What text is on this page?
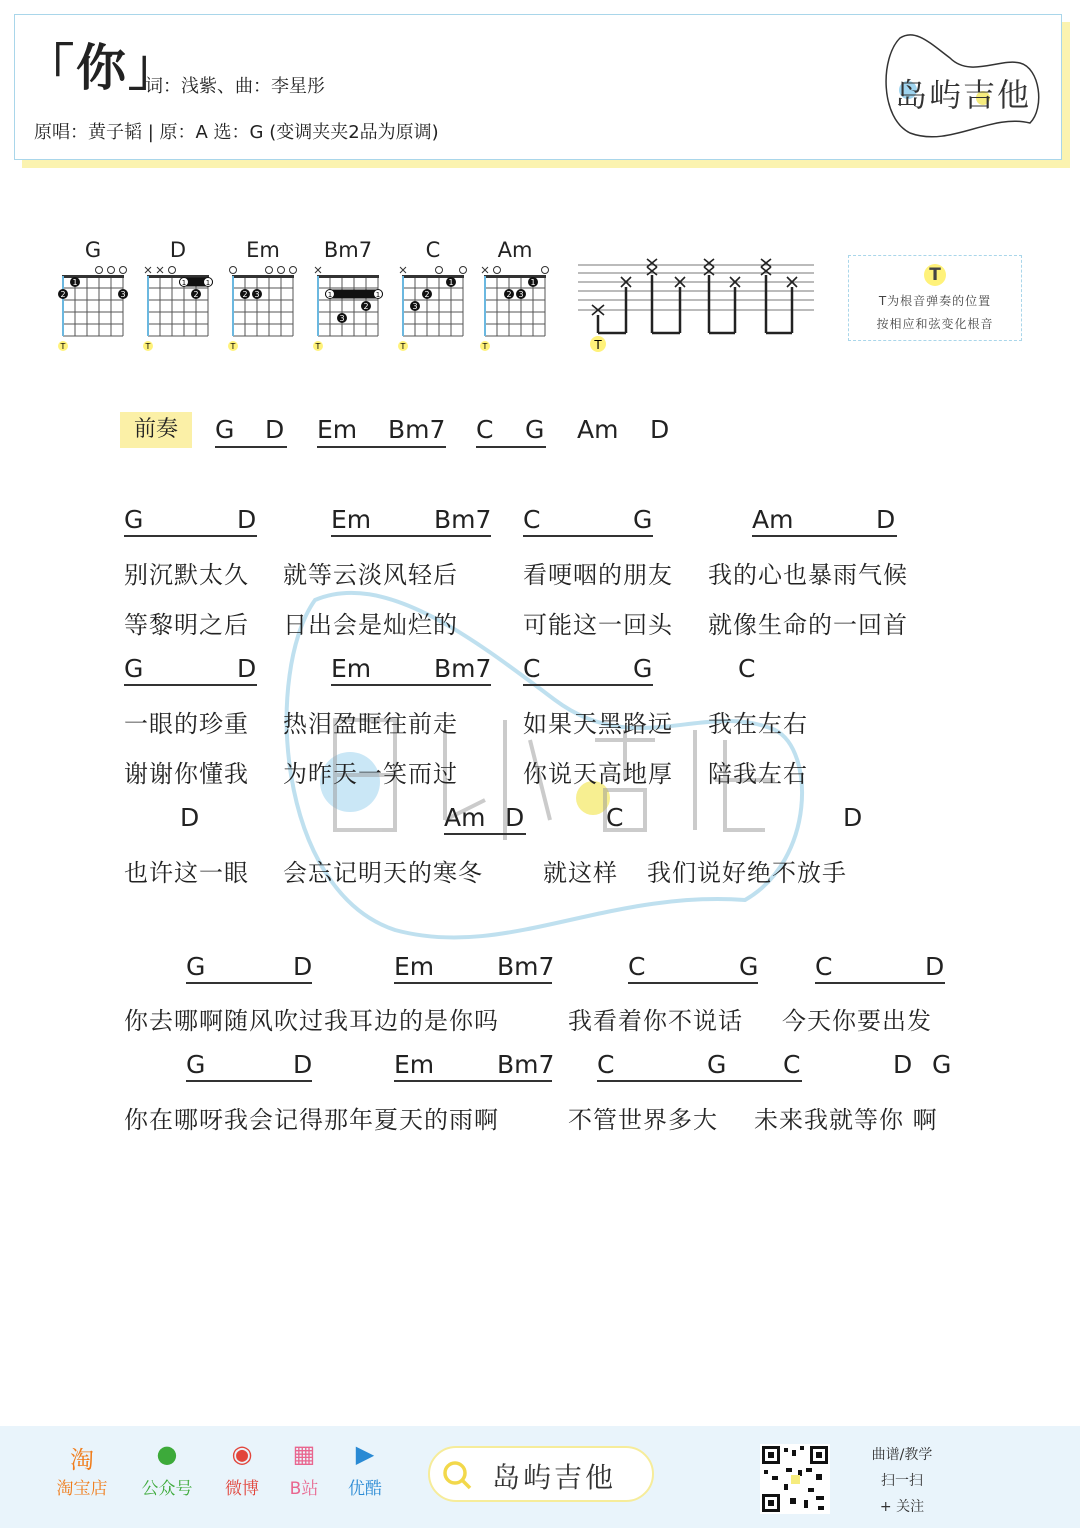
「你」
词：浅紫、曲：李星彤
原唱：黄子韬 | 原：A 选：G (变调夹夹2品为原调)
岛屿吉他
G
1
2	3
T
D
1	1
2
T
Em
2 3
T
Bm7
1	1
2
3
T
C
1
2
3
T
Am
1
2 3
T	T
T
T为根音弹奏的位置
按相应和弦变化根音
前奏	G D Em Bm7 C G Am D
G	D	Em	Bm7 C	G	Am	D
别沉默太久 就等云淡风轻后	看哽咽的朋友 我的心也暴雨气候
等黎明之后 日出会是灿烂的	可能这一回头 就像生命的一回首
G	D	Em	Bm7 C	G	C
一眼的珍重 热泪盈眶往前走	如果天黑路远 我在左右
谢谢你懂我 为昨天一笑而过	你说天高地厚 陪我左右
D	Am D	C	D
也许这一眼 会忘记明天的寒冬	就这样 我们说好绝不放手
G	D	Em	Bm7	C	G C	D
你去哪啊随风吹过我耳边的是你吗	我看着你不说话 今天你要出发
G	D	Em	Bm7 C	G C	D G
你在哪呀我会记得那年夏天的雨啊	不管世界多大 未来我就等你 啊
淘
淘宝店
●
公众号
◉
微博
▦
B站
▶
优酷	岛屿吉他
曲谱/教学
扫一扫
+ 关注
